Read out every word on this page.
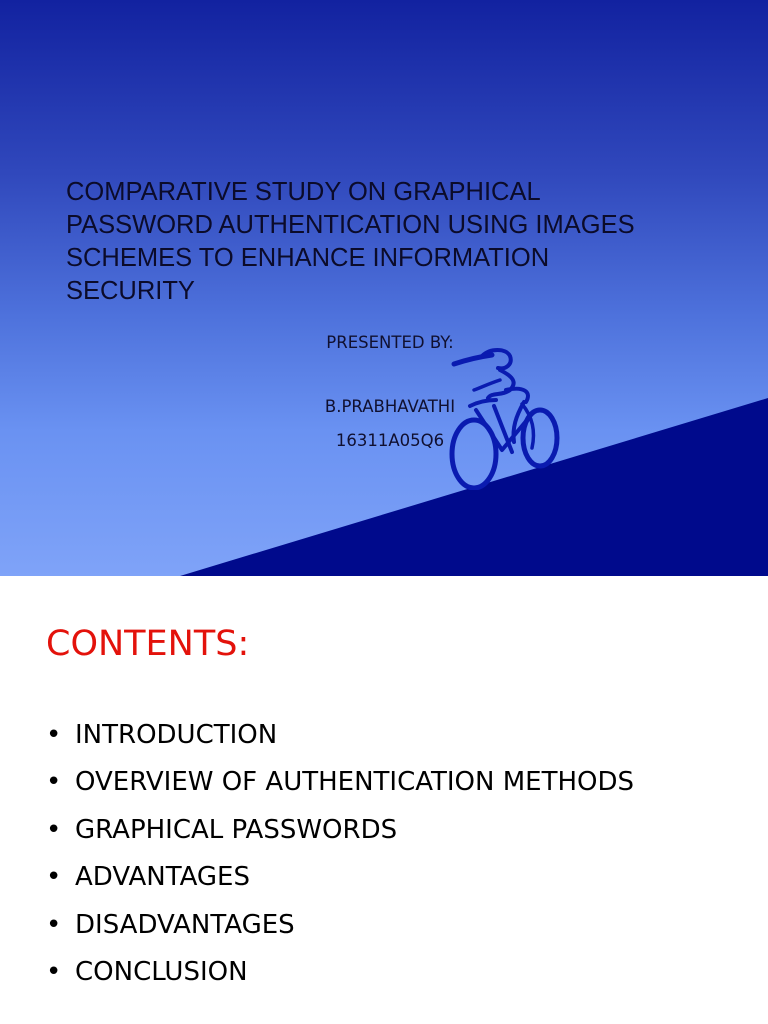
COMPARATIVE STUDY ON GRAPHICAL
PASSWORD AUTHENTICATION USING IMAGES
SCHEMES TO ENHANCE INFORMATION
SECURITY
PRESENTED BY:
B.PRABHAVATHI
16311A05Q6
CONTENTS:
• INTRODUCTION
• OVERVIEW OF AUTHENTICATION METHODS
• GRAPHICAL PASSWORDS
• ADVANTAGES
• DISADVANTAGES
• CONCLUSION
